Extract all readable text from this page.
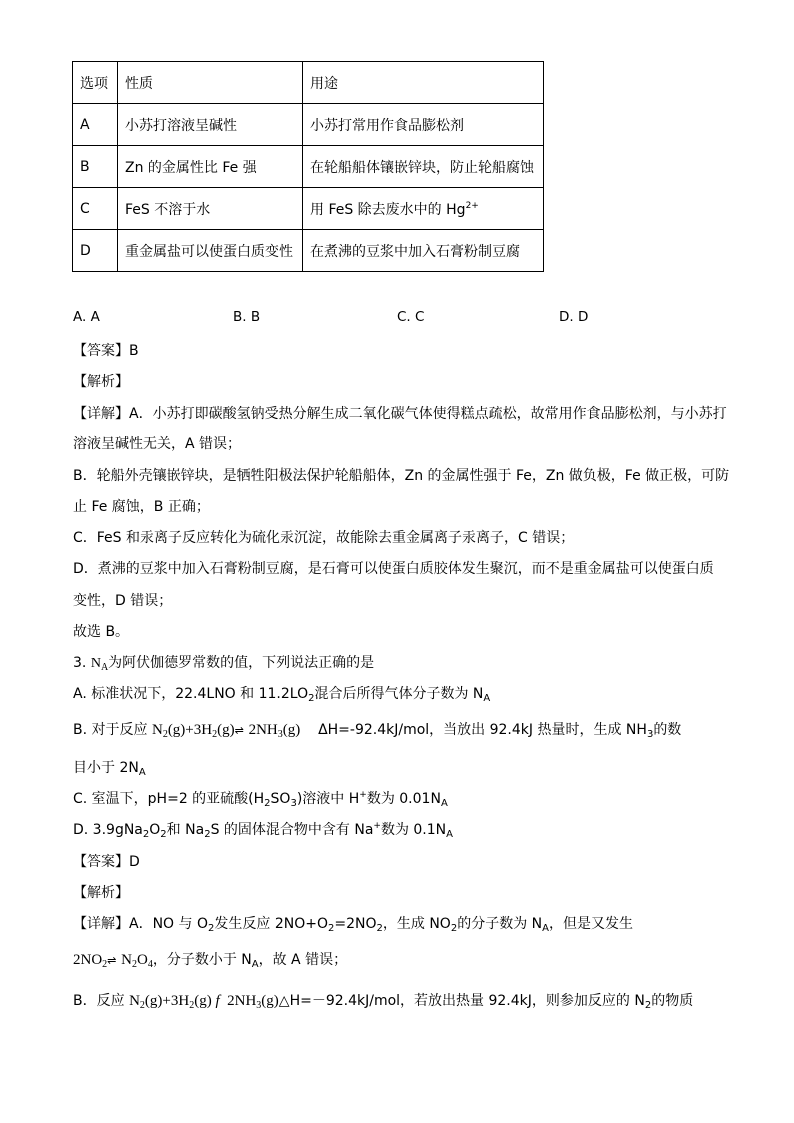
选项	性质	用途
A	小苏打溶液呈碱性	小苏打常用作食品膨松剂
B	Zn 的金属性比 Fe 强	在轮船船体镶嵌锌块，防止轮船腐蚀
C	FeS 不溶于水	用 FeS 除去废水中的 $Hg^{2+}$
D	重金属盐可以使蛋白质变性	在煮沸的豆浆中加入石膏粉制豆腐
A. A	B. B	C. C	D. D
【答案】B
【解析】
【详解】A．小苏打即碳酸氢钠受热分解生成二氧化碳气体使得糕点疏松，故常用作食品膨松剂，与小苏打
溶液呈碱性无关，A 错误；
B．轮船外壳镶嵌锌块，是牺牲阳极法保护轮船船体，Zn 的金属性强于 Fe，Zn 做负极，Fe 做正极，可防
止 Fe 腐蚀，B 正确；
C．FeS 和汞离子反应转化为硫化汞沉淀，故能除去重金属离子汞离子，C 错误；
D．煮沸的豆浆中加入石膏粉制豆腐，是石膏可以使蛋白质胶体发生聚沉，而不是重金属盐可以使蛋白质
变性，D 错误；
故选 B。
3. $N_A$为阿伏伽德罗常数的值，下列说法正确的是
A. 标准状况下，22.4LNO 和 $11.2LO_2$混合后所得气体分子数为 $N_A$
B. 对于反应 $N_2(g)+3H_2(g)\rightleftharpoons$ $2NH_3(g)$ ΔH=-92.4kJ/mol，当放出 92.4kJ 热量时，生成 $NH_3$的数
目小于 $2N_A$
C. 室温下，pH=2 的亚硫酸$(H_2SO_3)$溶液中 H+数为 $0.01N_A$
D. $3.9gNa_2O_2$和 $Na_2S$ 的固体混合物中含有 Na+数为 $0.1N_A$
【答案】D
【解析】
【详解】A．NO 与 $O_2$发生反应 $2NO+O_2=2NO_2$，生成 $NO_2$的分子数为 $N_A$，但是又发生
$2NO_2\rightleftharpoons$ $N_2O_4$，分子数小于 $N_A$，故 A 错误；
B．反应 $N_2(g)+3H_2(g)$ f  $2NH_3(g)\triangle H=-92.4kJ$/mol，若放出热量 92.4kJ，则参加反应的 $N_2$的物质
